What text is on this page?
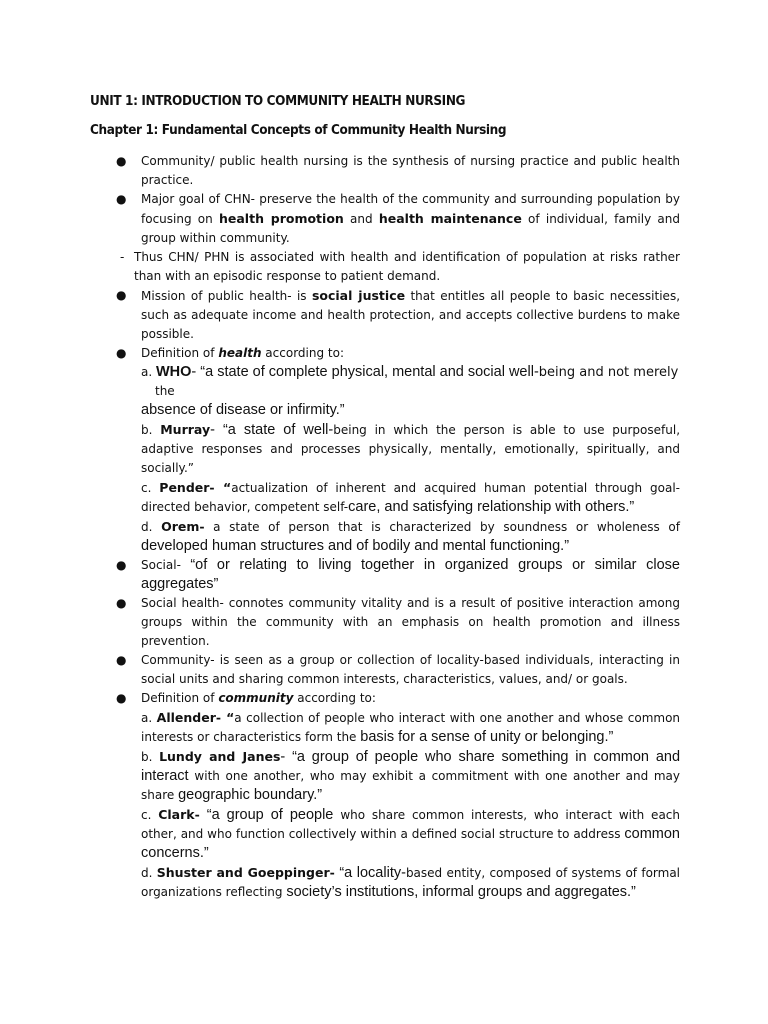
UNIT 1: INTRODUCTION TO COMMUNITY HEALTH NURSING
Chapter 1: Fundamental Concepts of Community Health Nursing
● Community/ public health nursing is the synthesis of nursing practice and public health practice.
● Major goal of CHN- preserve the health of the community and surrounding population by focusing on health promotion and health maintenance of individual, family and group within community.
- Thus CHN/ PHN is associated with health and identification of population at risks rather than with an episodic response to patient demand.
● Mission of public health- is social justice that entitles all people to basic necessities, such as adequate income and health protection, and accepts collective burdens to make possible.
● Definition of health according to:
a. WHO- “a state of complete physical, mental and social well-being and not merely
the
absence of disease or infirmity.”
b. Murray- “a state of well-being in which the person is able to use purposeful, adaptive responses and processes physically, mentally, emotionally, spiritually, and socially.”
c. Pender- “actualization of inherent and acquired human potential through goal-directed behavior, competent self-care, and satisfying relationship with others.”
d. Orem- a state of person that is characterized by soundness or wholeness of developed human structures and of bodily and mental functioning.”
● Social- “of or relating to living together in organized groups or similar close aggregates”
● Social health- connotes community vitality and is a result of positive interaction among groups within the community with an emphasis on health promotion and illness prevention.
● Community- is seen as a group or collection of locality-based individuals, interacting in social units and sharing common interests, characteristics, values, and/ or goals.
● Definition of community according to:
a. Allender- “a collection of people who interact with one another and whose common interests or characteristics form the basis for a sense of unity or belonging.”
b. Lundy and Janes- “a group of people who share something in common and interact with one another, who may exhibit a commitment with one another and may share geographic boundary.”
c. Clark- “a group of people who share common interests, who interact with each other, and who function collectively within a defined social structure to address common concerns.”
d. Shuster and Goeppinger- “a locality-based entity, composed of systems of formal organizations reflecting society’s institutions, informal groups and aggregates.”
